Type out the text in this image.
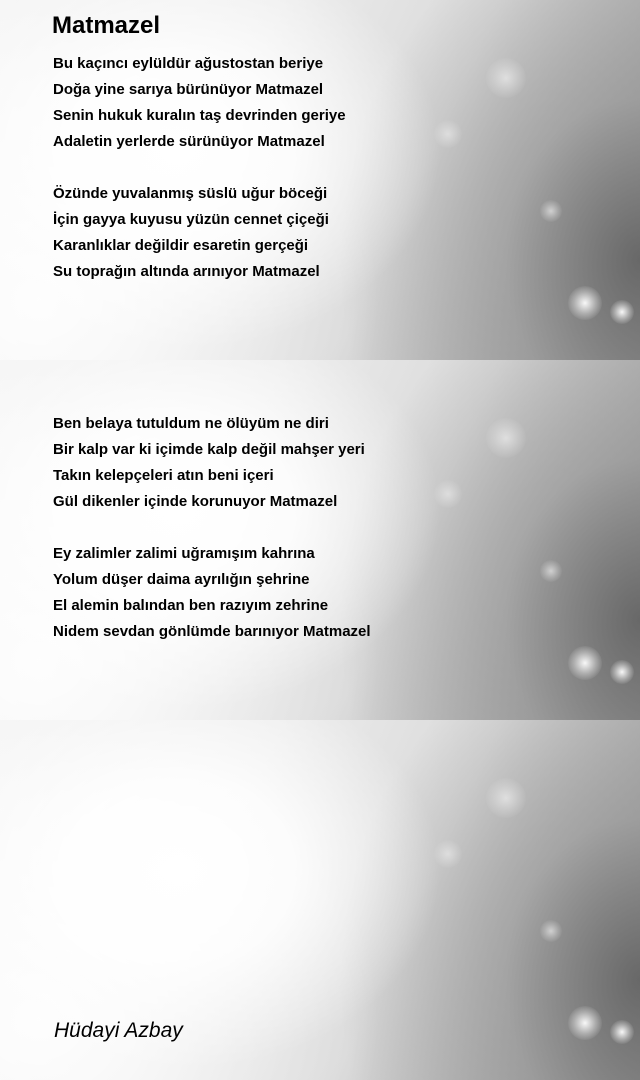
Matmazel
Bu kaçıncı eylüldür ağustostan beriye
Doğa yine sarıya bürünüyor Matmazel
Senin hukuk kuralın taş devrinden geriye
Adaletin yerlerde sürünüyor Matmazel
Özünde yuvalanmış süslü uğur böceği
İçin gayya kuyusu yüzün cennet çiçeği
Karanlıklar değildir esaretin gerçeği
Su toprağın altında arınıyor Matmazel
Ben belaya tutuldum ne ölüyüm ne diri
Bir kalp var ki içimde kalp değil mahşer yeri
Takın kelepçeleri atın beni içeri
Gül dikenler içinde korunuyor Matmazel
Ey zalimler zalimi uğramışım kahrına
Yolum düşer daima ayrılığın şehrine
El alemin balından ben razıyım zehrine
Nidem sevdan gönlümde barınıyor Matmazel

Hüdayi Azbay
